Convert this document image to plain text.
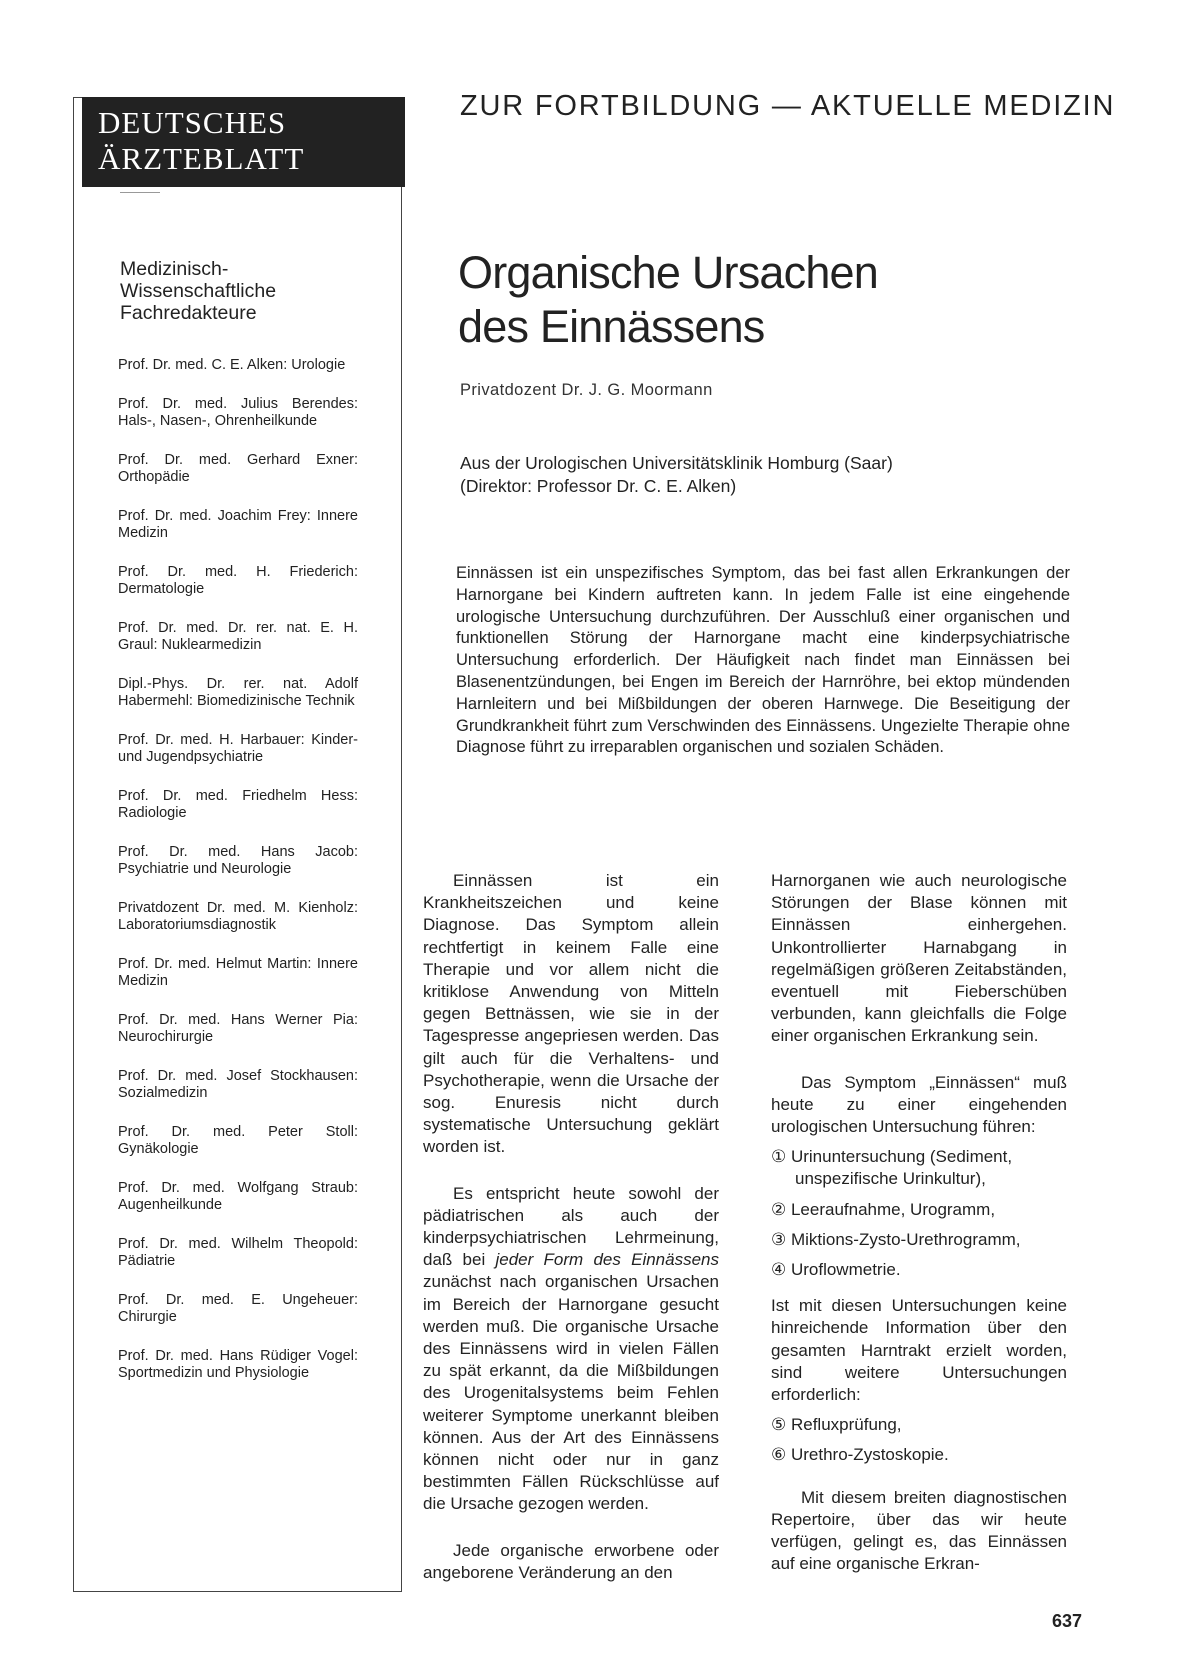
DEUTSCHES
ÄRZTEBLATT
Medizinisch-Wissenschaftliche Fachredakteure
Prof. Dr. med. C. E. Alken: Urologie
Prof. Dr. med. Julius Berendes: Hals-, Nasen-, Ohrenheilkunde
Prof. Dr. med. Gerhard Exner: Orthopädie
Prof. Dr. med. Joachim Frey: Innere Medizin
Prof. Dr. med. H. Friederich: Dermatologie
Prof. Dr. med. Dr. rer. nat. E. H. Graul: Nuklearmedizin
Dipl.-Phys. Dr. rer. nat. Adolf Habermehl: Biomedizinische Technik
Prof. Dr. med. H. Harbauer: Kinder- und Jugendpsychiatrie
Prof. Dr. med. Friedhelm Hess: Radiologie
Prof. Dr. med. Hans Jacob: Psychiatrie und Neurologie
Privatdozent Dr. med. M. Kienholz: Laboratoriumsdiagnostik
Prof. Dr. med. Helmut Martin: Innere Medizin
Prof. Dr. med. Hans Werner Pia: Neurochirurgie
Prof. Dr. med. Josef Stockhausen: Sozialmedizin
Prof. Dr. med. Peter Stoll: Gynäkologie
Prof. Dr. med. Wolfgang Straub: Augenheilkunde
Prof. Dr. med. Wilhelm Theopold: Pädiatrie
Prof. Dr. med. E. Ungeheuer: Chirurgie
Prof. Dr. med. Hans Rüdiger Vogel: Sportmedizin und Physiologie
ZUR FORTBILDUNG — AKTUELLE MEDIZIN
Organische Ursachen
des Einnässens
Privatdozent Dr. J. G. Moormann
Aus der Urologischen Universitätsklinik Homburg (Saar)
(Direktor: Professor Dr. C. E. Alken)
Einnässen ist ein unspezifisches Symptom, das bei fast allen Erkrankungen der Harnorgane bei Kindern auftreten kann. In jedem Falle ist eine eingehende urologische Untersuchung durchzuführen. Der Ausschluß einer organischen und funktionellen Störung der Harnorgane macht eine kinderpsychiatrische Untersuchung erforderlich. Der Häufigkeit nach findet man Einnässen bei Blasenentzündungen, bei Engen im Bereich der Harnröhre, bei ektop mündenden Harnleitern und bei Mißbildungen der oberen Harnwege. Die Beseitigung der Grundkrankheit führt zum Verschwinden des Einnässens. Ungezielte Therapie ohne Diagnose führt zu irreparablen organischen und sozialen Schäden.

Einnässen ist ein Krankheitszeichen und keine Diagnose. Das Symptom allein rechtfertigt in keinem Falle eine Therapie und vor allem nicht die kritiklose Anwendung von Mitteln gegen Bettnässen, wie sie in der Tagespresse angepriesen werden. Das gilt auch für die Verhaltens- und Psychotherapie, wenn die Ursache der sog. Enuresis nicht durch systematische Untersuchung geklärt worden ist.

Es entspricht heute sowohl der pädiatrischen als auch der kinderpsychiatrischen Lehrmeinung, daß bei jeder Form des Einnässens zunächst nach organischen Ursachen im Bereich der Harnorgane gesucht werden muß. Die organische Ursache des Einnässens wird in vielen Fällen zu spät erkannt, da die Mißbildungen des Urogenitalsystems beim Fehlen weiterer Symptome unerkannt bleiben können. Aus der Art des Einnässens können nicht oder nur in ganz bestimmten Fällen Rückschlüsse auf die Ursache gezogen werden.

Jede organische erworbene oder angeborene Veränderung an den

Harnorganen wie auch neurologische Störungen der Blase können mit Einnässen einhergehen. Unkontrollierter Harnabgang in regelmäßigen größeren Zeitabständen, eventuell mit Fieberschüben verbunden, kann gleichfalls die Folge einer organischen Erkrankung sein.

Das Symptom „Einnässen“ muß heute zu einer eingehenden urologischen Untersuchung führen:

① Urinuntersuchung (Sediment, unspezifische Urinkultur),
② Leeraufnahme, Urogramm,
③ Miktions-Zysto-Urethrogramm,
④ Uroflowmetrie.

Ist mit diesen Untersuchungen keine hinreichende Information über den gesamten Harntrakt erzielt worden, sind weitere Untersuchungen erforderlich:

⑤ Refluxprüfung,
⑥ Urethro-Zystoskopie.

Mit diesem breiten diagnostischen Repertoire, über das wir heute verfügen, gelingt es, das Einnässen auf eine organische Erkran-

637
